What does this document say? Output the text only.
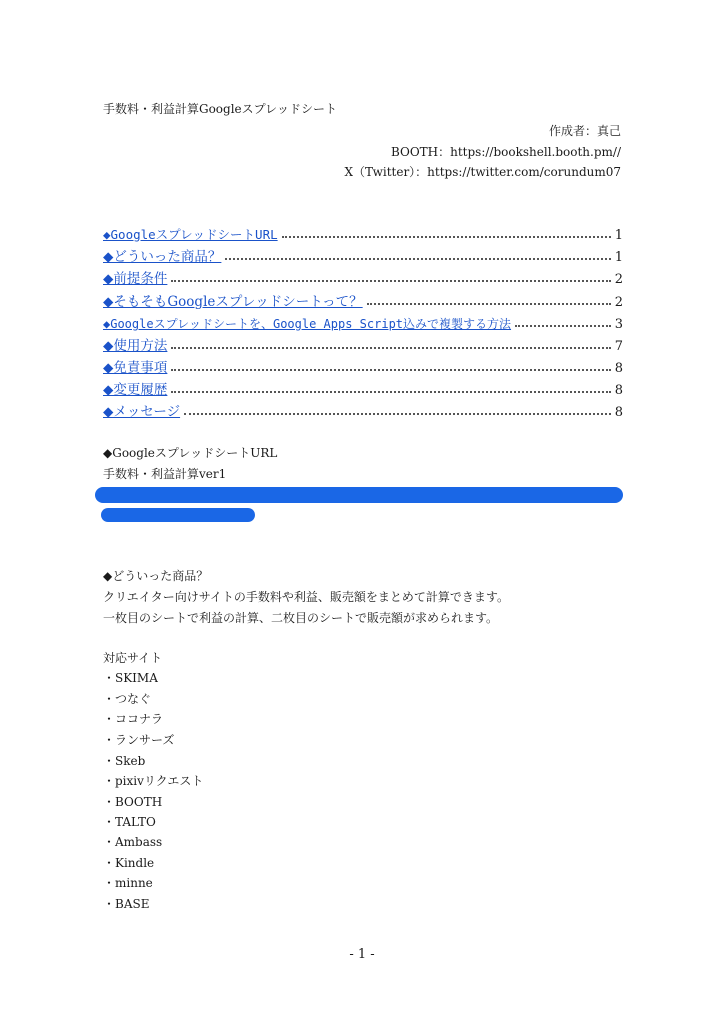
手数料・利益計算Googleスプレッドシート
作成者：真己
BOOTH：https://bookshell.booth.pm//
X（Twitter）：https://twitter.com/corundum07
◆GoogleスプレッドシートURL	1
◆どういった商品？	1
◆前提条件	2
◆そもそもGoogleスプレッドシートって？	2
◆Googleスプレッドシートを、Google Apps Script込みで複製する方法	3
◆使用方法	7
◆免責事項	8
◆変更履歴	8
◆メッセージ	8
◆GoogleスプレッドシートURL
手数料・利益計算ver1
◆どういった商品？
クリエイター向けサイトの手数料や利益、販売額をまとめて計算できます。
一枚目のシートで利益の計算、二枚目のシートで販売額が求められます。
対応サイト
・SKIMA
・つなぐ
・ココナラ
・ランサーズ
・Skeb
・pixivリクエスト
・BOOTH
・TALTO
・Ambass
・Kindle
・minne
・BASE
- 1 -
